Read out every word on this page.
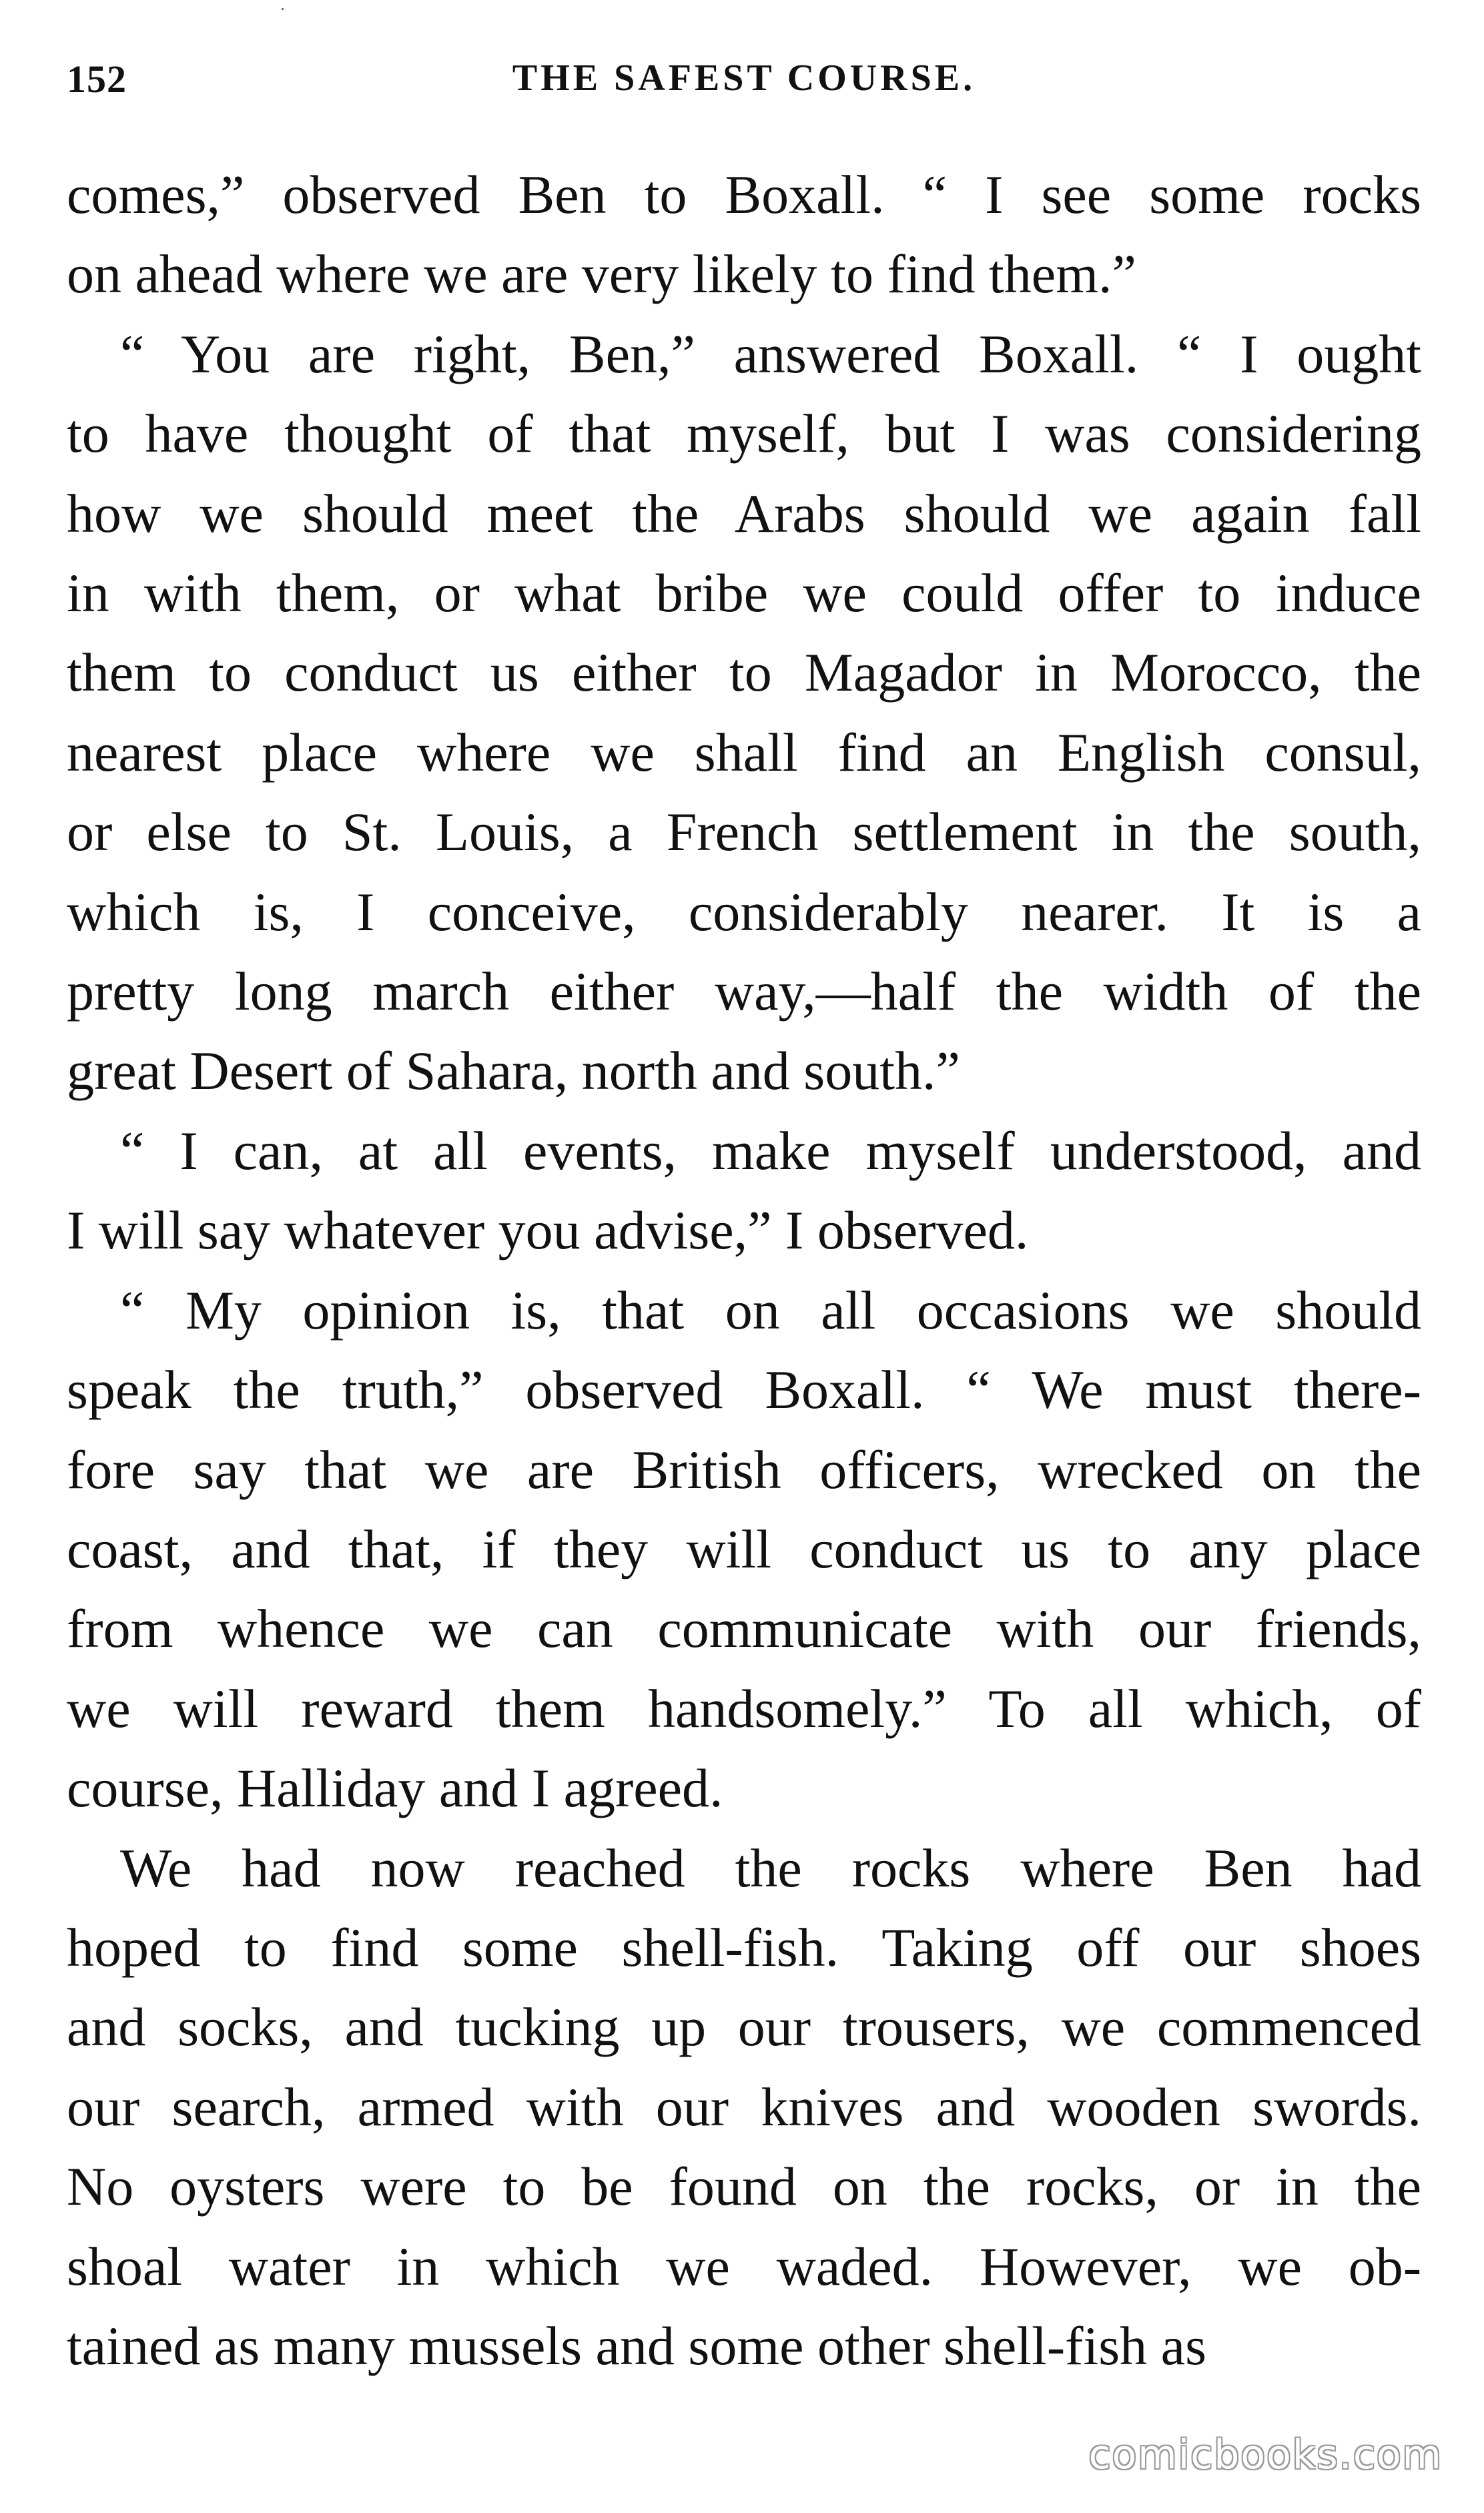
152	THE SAFEST COURSE.
comes,” observed Ben to Boxall. “ I see some rocks
on ahead where we are very likely to find them.”
“ You are right, Ben,” answered Boxall. “ I ought
to have thought of that myself, but I was considering
how we should meet the Arabs should we again fall
in with them, or what bribe we could offer to induce
them to conduct us either to Magador in Morocco, the
nearest place where we shall find an English consul,
or else to St. Louis, a French settlement in the south,
which is, I conceive, considerably nearer. It is a
pretty long march either way,—half the width of the
great Desert of Sahara, north and south.”
“ I can, at all events, make myself understood, and
I will say whatever you advise,” I observed.
“ My opinion is, that on all occasions we should
speak the truth,” observed Boxall. “ We must there-
fore say that we are British officers, wrecked on the
coast, and that, if they will conduct us to any place
from whence we can communicate with our friends,
we will reward them handsomely.” To all which, of
course, Halliday and I agreed.
We had now reached the rocks where Ben had
hoped to find some shell-fish. Taking off our shoes
and socks, and tucking up our trousers, we commenced
our search, armed with our knives and wooden swords.
No oysters were to be found on the rocks, or in the
shoal water in which we waded. However, we ob-
tained as many mussels and some other shell-fish as
comicbooks.com
